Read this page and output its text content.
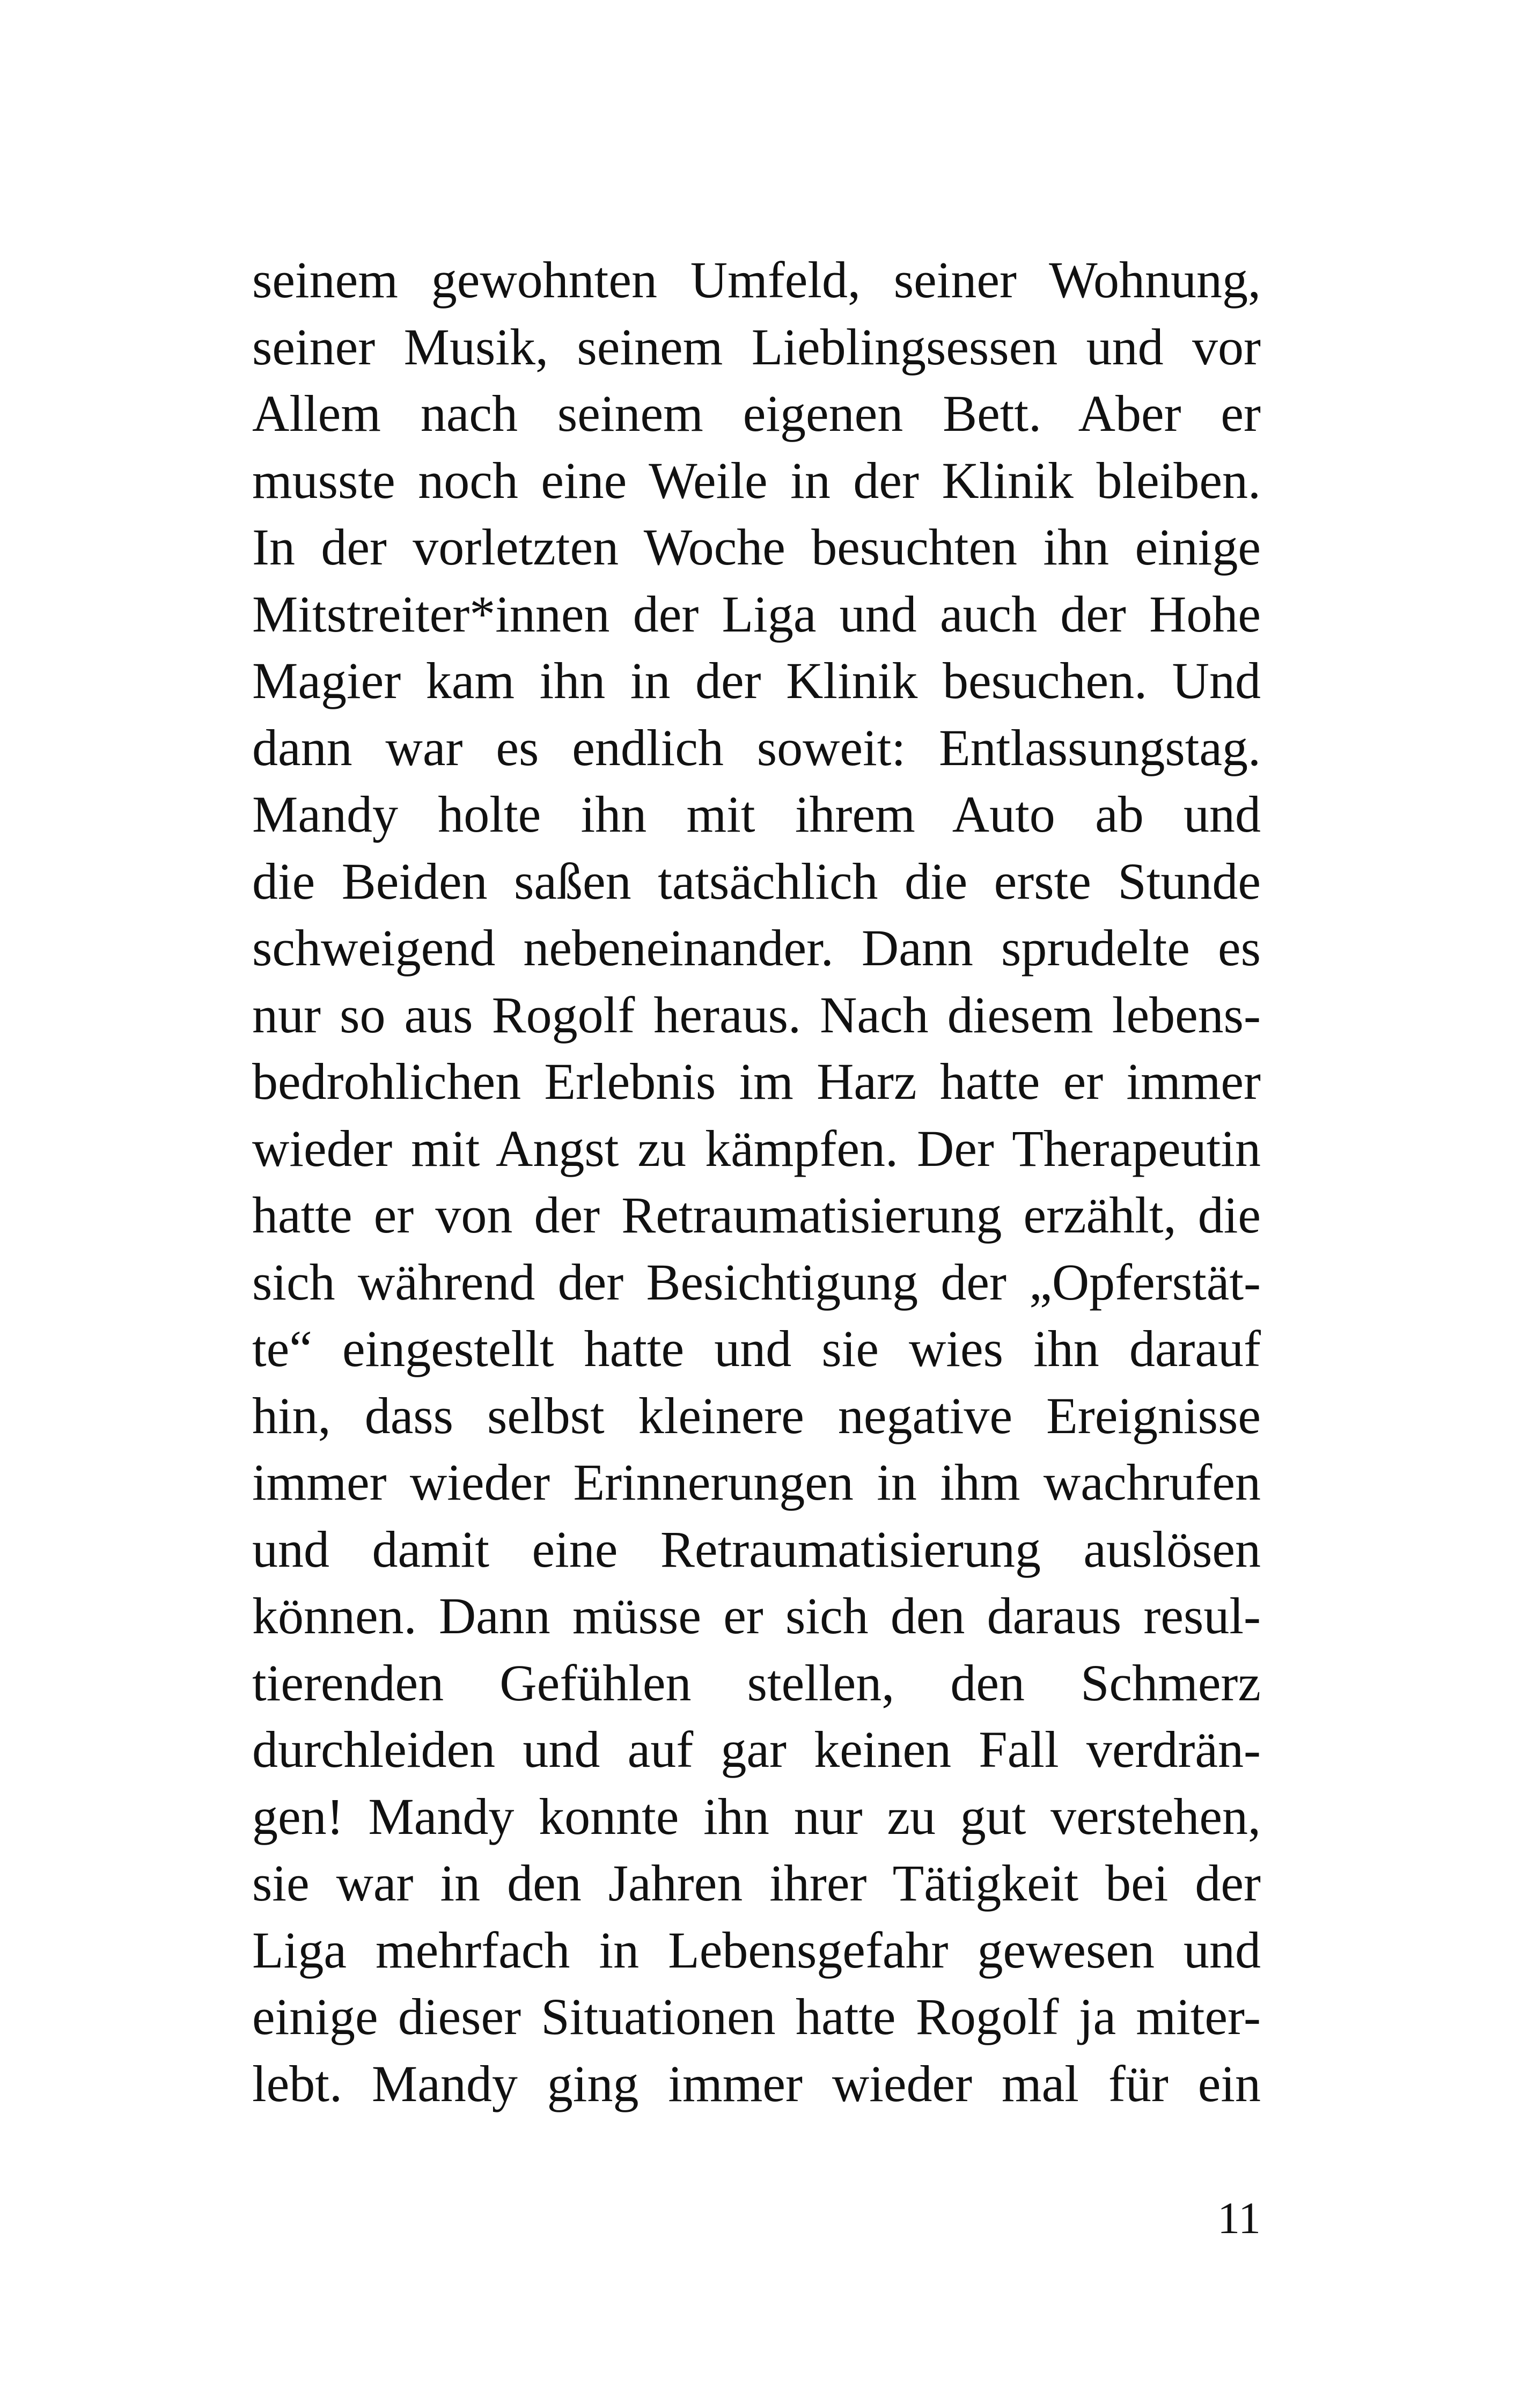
seinem gewohnten Umfeld, seiner Wohnung,
seiner Musik, seinem Lieblingsessen und vor
Allem nach seinem eigenen Bett. Aber er
musste noch eine Weile in der Klinik bleiben.
In der vorletzten Woche besuchten ihn einige
Mitstreiter*innen der Liga und auch der Hohe
Magier kam ihn in der Klinik besuchen. Und
dann war es endlich soweit: Entlassungstag.
Mandy holte ihn mit ihrem Auto ab und
die Beiden saßen tatsächlich die erste Stunde
schweigend nebeneinander. Dann sprudelte es
nur so aus Rogolf heraus. Nach diesem lebens-
bedrohlichen Erlebnis im Harz hatte er immer
wieder mit Angst zu kämpfen. Der Therapeutin
hatte er von der Retraumatisierung erzählt, die
sich während der Besichtigung der „Opferstät-
te“ eingestellt hatte und sie wies ihn darauf
hin, dass selbst kleinere negative Ereignisse
immer wieder Erinnerungen in ihm wachrufen
und damit eine Retraumatisierung auslösen
können. Dann müsse er sich den daraus resul-
tierenden Gefühlen stellen, den Schmerz
durchleiden und auf gar keinen Fall verdrän-
gen! Mandy konnte ihn nur zu gut verstehen,
sie war in den Jahren ihrer Tätigkeit bei der
Liga mehrfach in Lebensgefahr gewesen und
einige dieser Situationen hatte Rogolf ja miter-
lebt. Mandy ging immer wieder mal für ein
11
